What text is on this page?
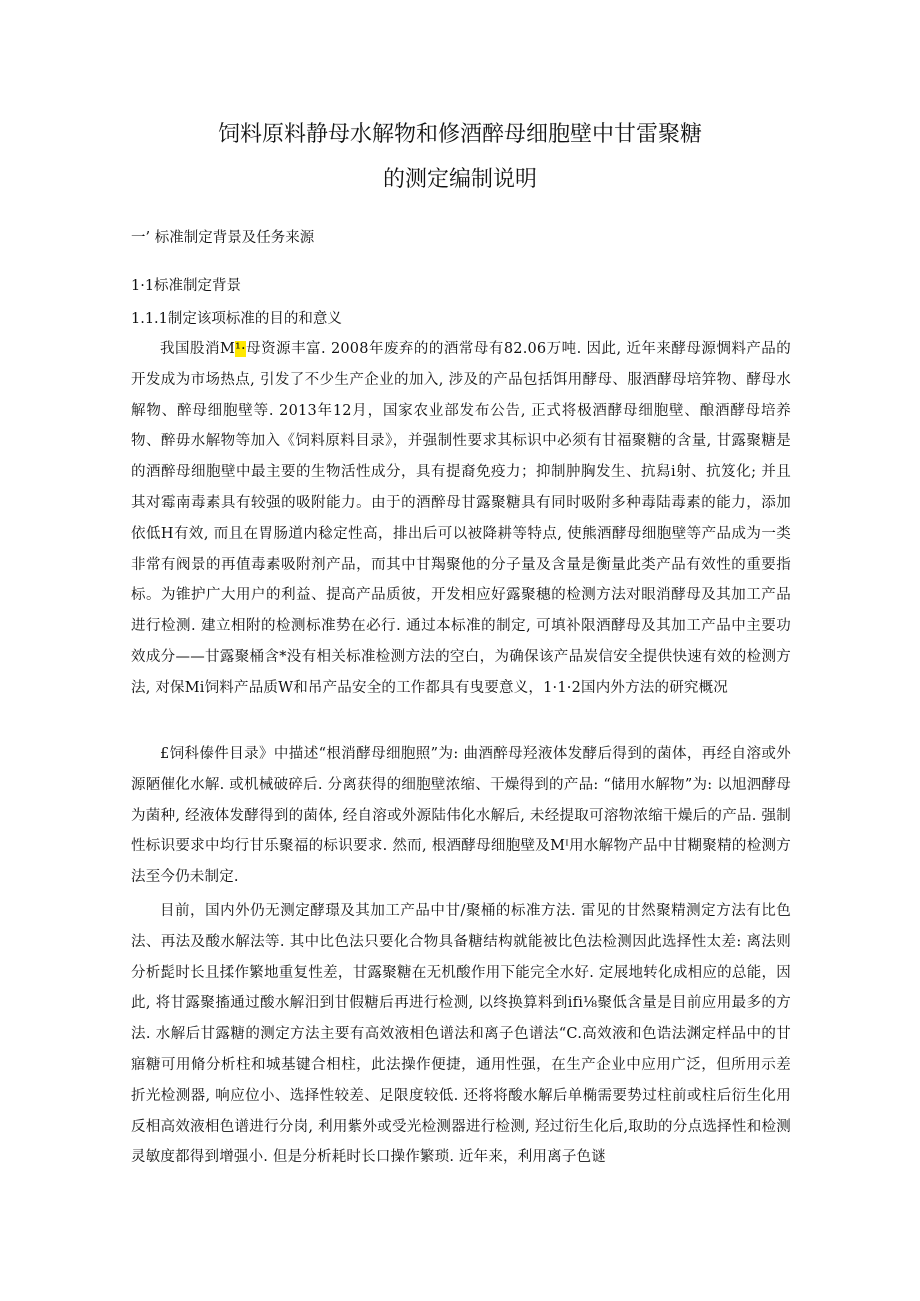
饲料原料静母水解物和修酒醉母细胞壁中甘雷聚糖
的测定编制说明
一’ 标准制定背景及任务来源
1·1标准制定背景
1.1.1制定该项标准的目的和意义

我国股消M¹·母资源丰富. 2008年废弃的的酒常母有82.06万吨. 因此, 近年来酵母源惆料产品的开发成为市场热点, 引发了不少生产企业的加入, 涉及的产品包括饵用酵母、服酒酵母培笄物、酵母水解物、醉母细胞壁等. 2013年12月，国家农业部发布公告, 正式将极酒酵母细胞壁、酿酒酵母培养物、醉毋水解物等加入《饲料原料目录》，并强制性要求其标识中必须有甘福聚糖的含量, 甘露聚糖是的酒醉母细胞壁中最主要的生物活性成分，具有提裔免疫力；抑制肿胸发生、抗舄i射、抗笈化; 并且其对霉南毒素具有较强的吸附能力。由于的酒醉母甘露聚糖具有同时吸附多种毒陆毒素的能力，添加依低H有效, 而且在胃肠道内稔定性高，排出后可以被降耕等特点, 使熊酒酵母细胞壁等产品成为一类非常有阀景的再值毒素吸附剂产品，而其中甘羯聚他的分子量及含量是衡量此类产品有效性的重要指标。为锥护广大用户的利益、提高产品质彼，开发相应好露聚穗的检测方法对眼消酵母及其加工产品进行检测. 建立相附的检测标准势在必行. 通过本标准的制定, 可填补限酒酵母及其加工产品中主要功效成分——甘露聚桶含*没有相关标准检测方法的空白，为确保该产品炭信安全提供快速有效的检测方法, 对保Mi饲料产品质W和吊产品安全的工作都具有曳要意义，1·1·2国内外方法的研究概况

£饲科傣件目录》中描述“根消酵母细胞照”为: 曲酒醉母羟液体发酵后得到的菌体，再经自溶或外源陋催化水解. 或机械破碎后. 分离获得的细胞壁浓缩、干燥得到的产品: “储用水解物”为: 以旭泗酵母为菌种, 经液体发酵得到的菌体, 经自溶或外源陆伟化水解后, 未经提取可溶物浓缩干燥后的产品. 强制性标识要求中均行甘乐聚福的标识要求. 然而, 根酒酵母细胞壁及Mᴵ用水解物产品中甘糊聚精的检测方法至今仍未制定.

目前，国内外仍无测定酵璟及其加工产品中甘/聚桶的标准方法. 雷见的甘然聚精测定方法有比色法、再法及酸水解法等. 其中比色法只要化合物具备糖结构就能被比色法检测因此选择性太差: 离法则分析髭时长且揉作繁地重复性差，甘露聚糖在无机酸作用下能完全水好. 定展地转化成相应的总能，因此, 将甘露聚搐通过酸水解汨到甘假糖后再进行检测, 以终换算料到ifi⅛聚低含量是目前应用最多的方法. 水解后甘露糖的测定方法主要有高效液相色谱法和离子色谱法“C.高效液和色诰法渊定样品中的甘寤糖可用脩分析柱和城基键合相柱，此法操作便捷，通用性强，在生产企业中应用广泛，但所用示差折光检测器, 响应位小、选择性较差、足限度较低. 还将将酸水解后单椭需要势过柱前或柱后衍生化用反相高效液相色谱进行分岗, 利用紫外或受光检测器进行检测, 羟过衍生化后,取助的分点选择性和检测灵敏度都得到增强小. 但是分析耗时长口操作繁琐. 近年来，利用离子色谜
